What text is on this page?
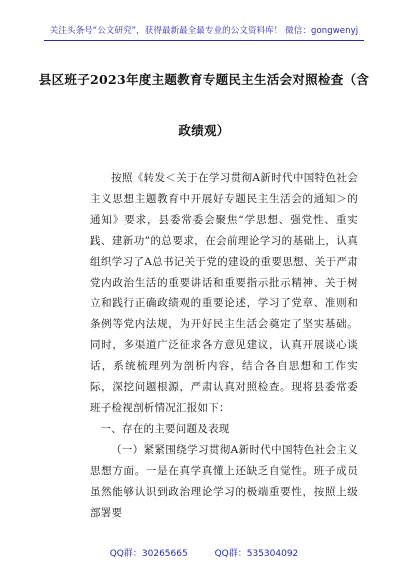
关注头条号“公文研究”，获得最新最全最专业的公文资料库！ 微信：gongwenyj
县区班子2023年度主题教育专题民主生活会对照检查（含
政绩观）

按照《转发＜关于在学习贯彻A新时代中国特色社会主义思想主题教育中开展好专题民主生活会的通知＞的通知》要求，县委常委会聚焦“学思想、强党性、重实践、建新功”的总要求，在会前理论学习的基础上，认真组织学习了A总书记关于党的建设的重要思想、关于严肃党内政治生活的重要讲话和重要指示批示精神、关于树立和践行正确政绩观的重要论述，学习了党章、准则和条例等党内法规，为开好民主生活会奠定了坚实基础。同时，多渠道广泛征求各方意见建议，认真开展谈心谈话，系统梳理列为剖析内容，结合各自思想和工作实际，深挖问题根源，严肃认真对照检查。现将县委常委班子检视剖析情况汇报如下：

一、存在的主要问题及表现

（一）紧紧围绕学习贯彻A新时代中国特色社会主义思想方面。一是在真学真懂上还缺乏自觉性。班子成员虽然能够认识到政治理论学习的极端重要性，按照上级部署要

QQ群：30265665	QQ群：535304092
